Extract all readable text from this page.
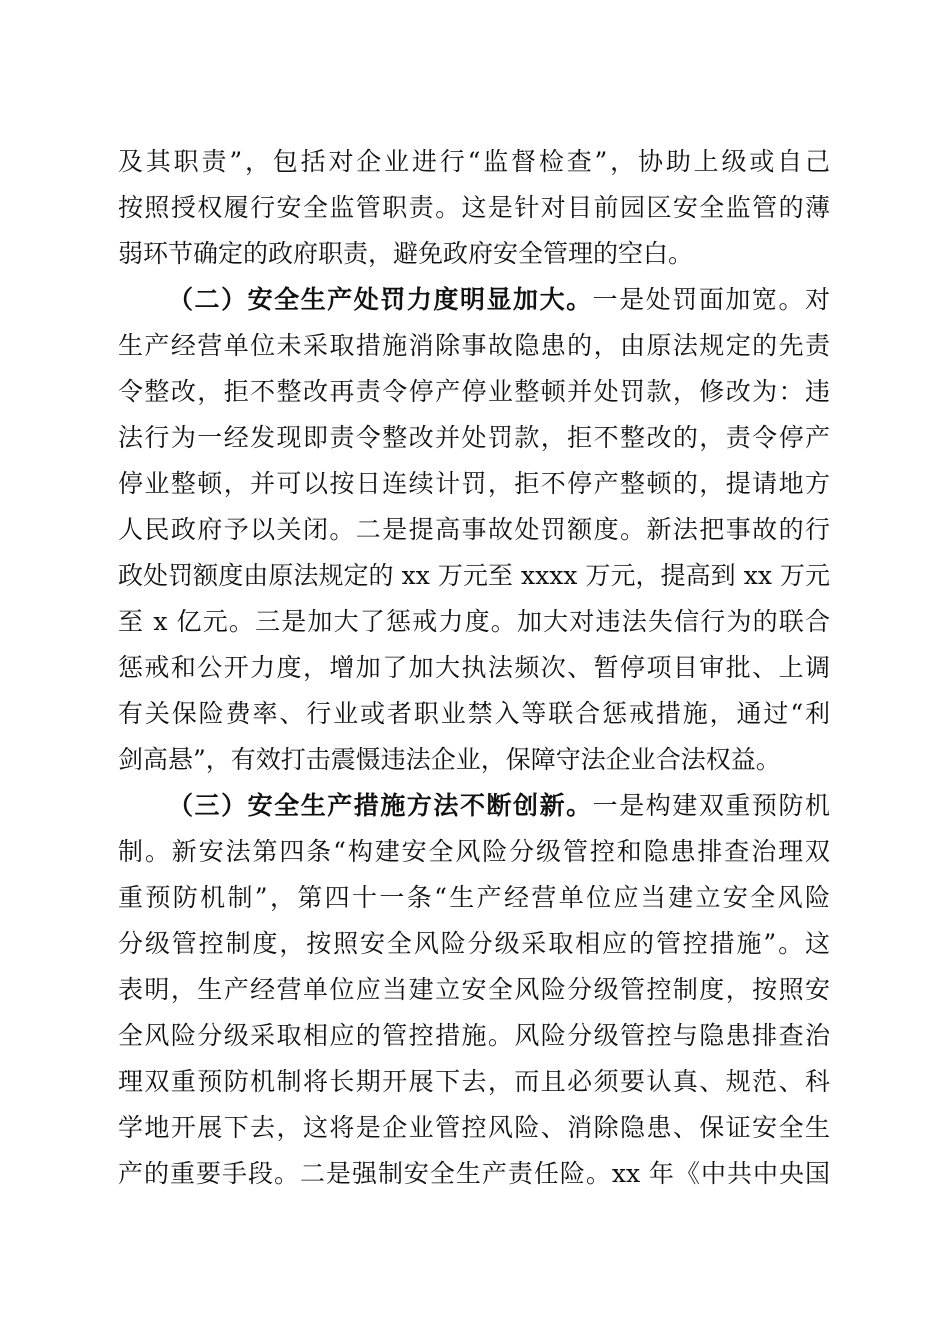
及其职责”，包括对企业进行“监督检查”，协助上级或自己
按照授权履行安全监管职责。这是针对目前园区安全监管的薄
弱环节确定的政府职责，避免政府安全管理的空白。
（二）安全生产处罚力度明显加大。一是处罚面加宽。对
生产经营单位未采取措施消除事故隐患的，由原法规定的先责
令整改，拒不整改再责令停产停业整顿并处罚款，修改为：违
法行为一经发现即责令整改并处罚款，拒不整改的，责令停产
停业整顿，并可以按日连续计罚，拒不停产整顿的，提请地方
人民政府予以关闭。二是提高事故处罚额度。新法把事故的行
政处罚额度由原法规定的 xx 万元至 xxxx 万元，提高到 xx 万元
至 x 亿元。三是加大了惩戒力度。加大对违法失信行为的联合
惩戒和公开力度，增加了加大执法频次、暂停项目审批、上调
有关保险费率、行业或者职业禁入等联合惩戒措施，通过“利
剑高悬”，有效打击震慑违法企业，保障守法企业合法权益。
（三）安全生产措施方法不断创新。一是构建双重预防机
制。新安法第四条“构建安全风险分级管控和隐患排查治理双
重预防机制”，第四十一条“生产经营单位应当建立安全风险
分级管控制度，按照安全风险分级采取相应的管控措施”。这
表明，生产经营单位应当建立安全风险分级管控制度，按照安
全风险分级采取相应的管控措施。风险分级管控与隐患排查治
理双重预防机制将长期开展下去，而且必须要认真、规范、科
学地开展下去，这将是企业管控风险、消除隐患、保证安全生
产的重要手段。二是强制安全生产责任险。xx 年《中共中央国
